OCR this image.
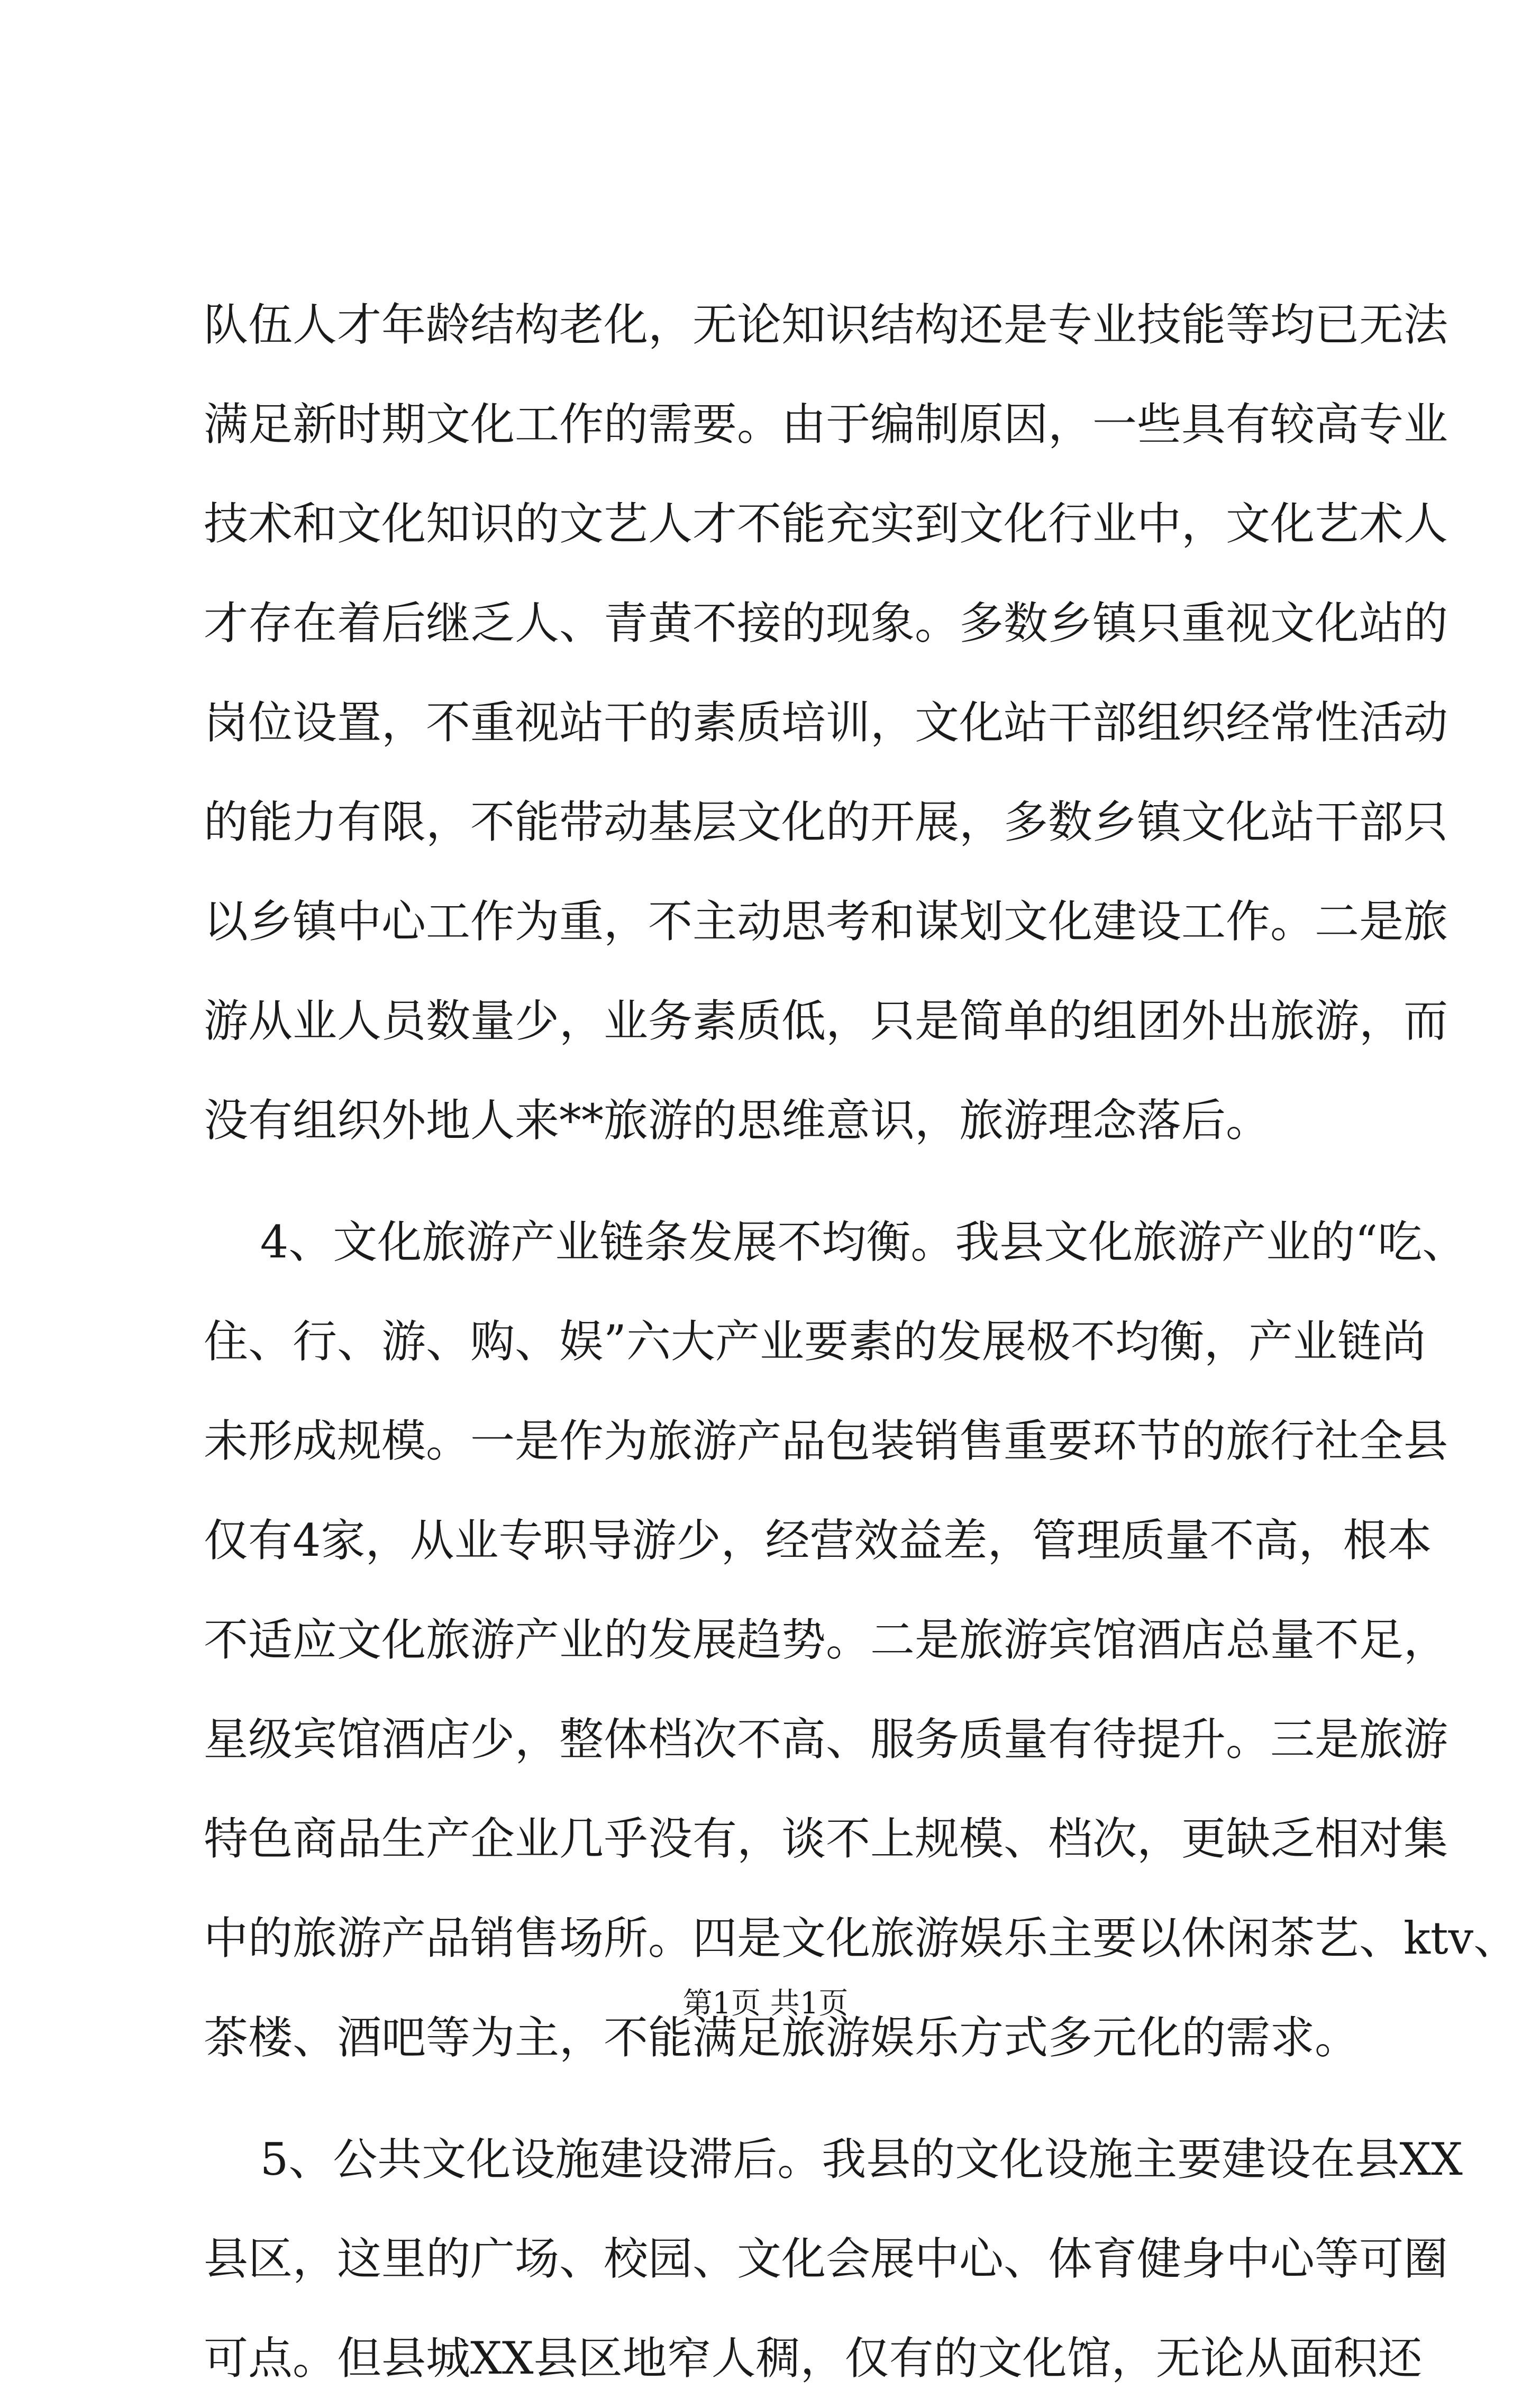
队伍人才年龄结构老化，无论知识结构还是专业技能等均已无法
满足新时期文化工作的需要。由于编制原因，一些具有较高专业
技术和文化知识的文艺人才不能充实到文化行业中，文化艺术人
才存在着后继乏人、青黄不接的现象。多数乡镇只重视文化站的
岗位设置，不重视站干的素质培训，文化站干部组织经常性活动
的能力有限，不能带动基层文化的开展，多数乡镇文化站干部只
以乡镇中心工作为重，不主动思考和谋划文化建设工作。二是旅
游从业人员数量少，业务素质低，只是简单的组团外出旅游，而
没有组织外地人来**旅游的思维意识，旅游理念落后。
4、文化旅游产业链条发展不均衡。我县文化旅游产业的“吃、
住、行、游、购、娱”六大产业要素的发展极不均衡，产业链尚
未形成规模。一是作为旅游产品包装销售重要环节的旅行社全县
仅有4家，从业专职导游少，经营效益差，管理质量不高，根本
不适应文化旅游产业的发展趋势。二是旅游宾馆酒店总量不足，
星级宾馆酒店少，整体档次不高、服务质量有待提升。三是旅游
特色商品生产企业几乎没有，谈不上规模、档次，更缺乏相对集
中的旅游产品销售场所。四是文化旅游娱乐主要以休闲茶艺、ktv、
茶楼、酒吧等为主，不能满足旅游娱乐方式多元化的需求。
5、公共文化设施建设滞后。我县的文化设施主要建设在县XX
县区，这里的广场、校园、文化会展中心、体育健身中心等可圈
可点。但县城XX县区地窄人稠，仅有的文化馆，无论从面积还
第1页 共1页
